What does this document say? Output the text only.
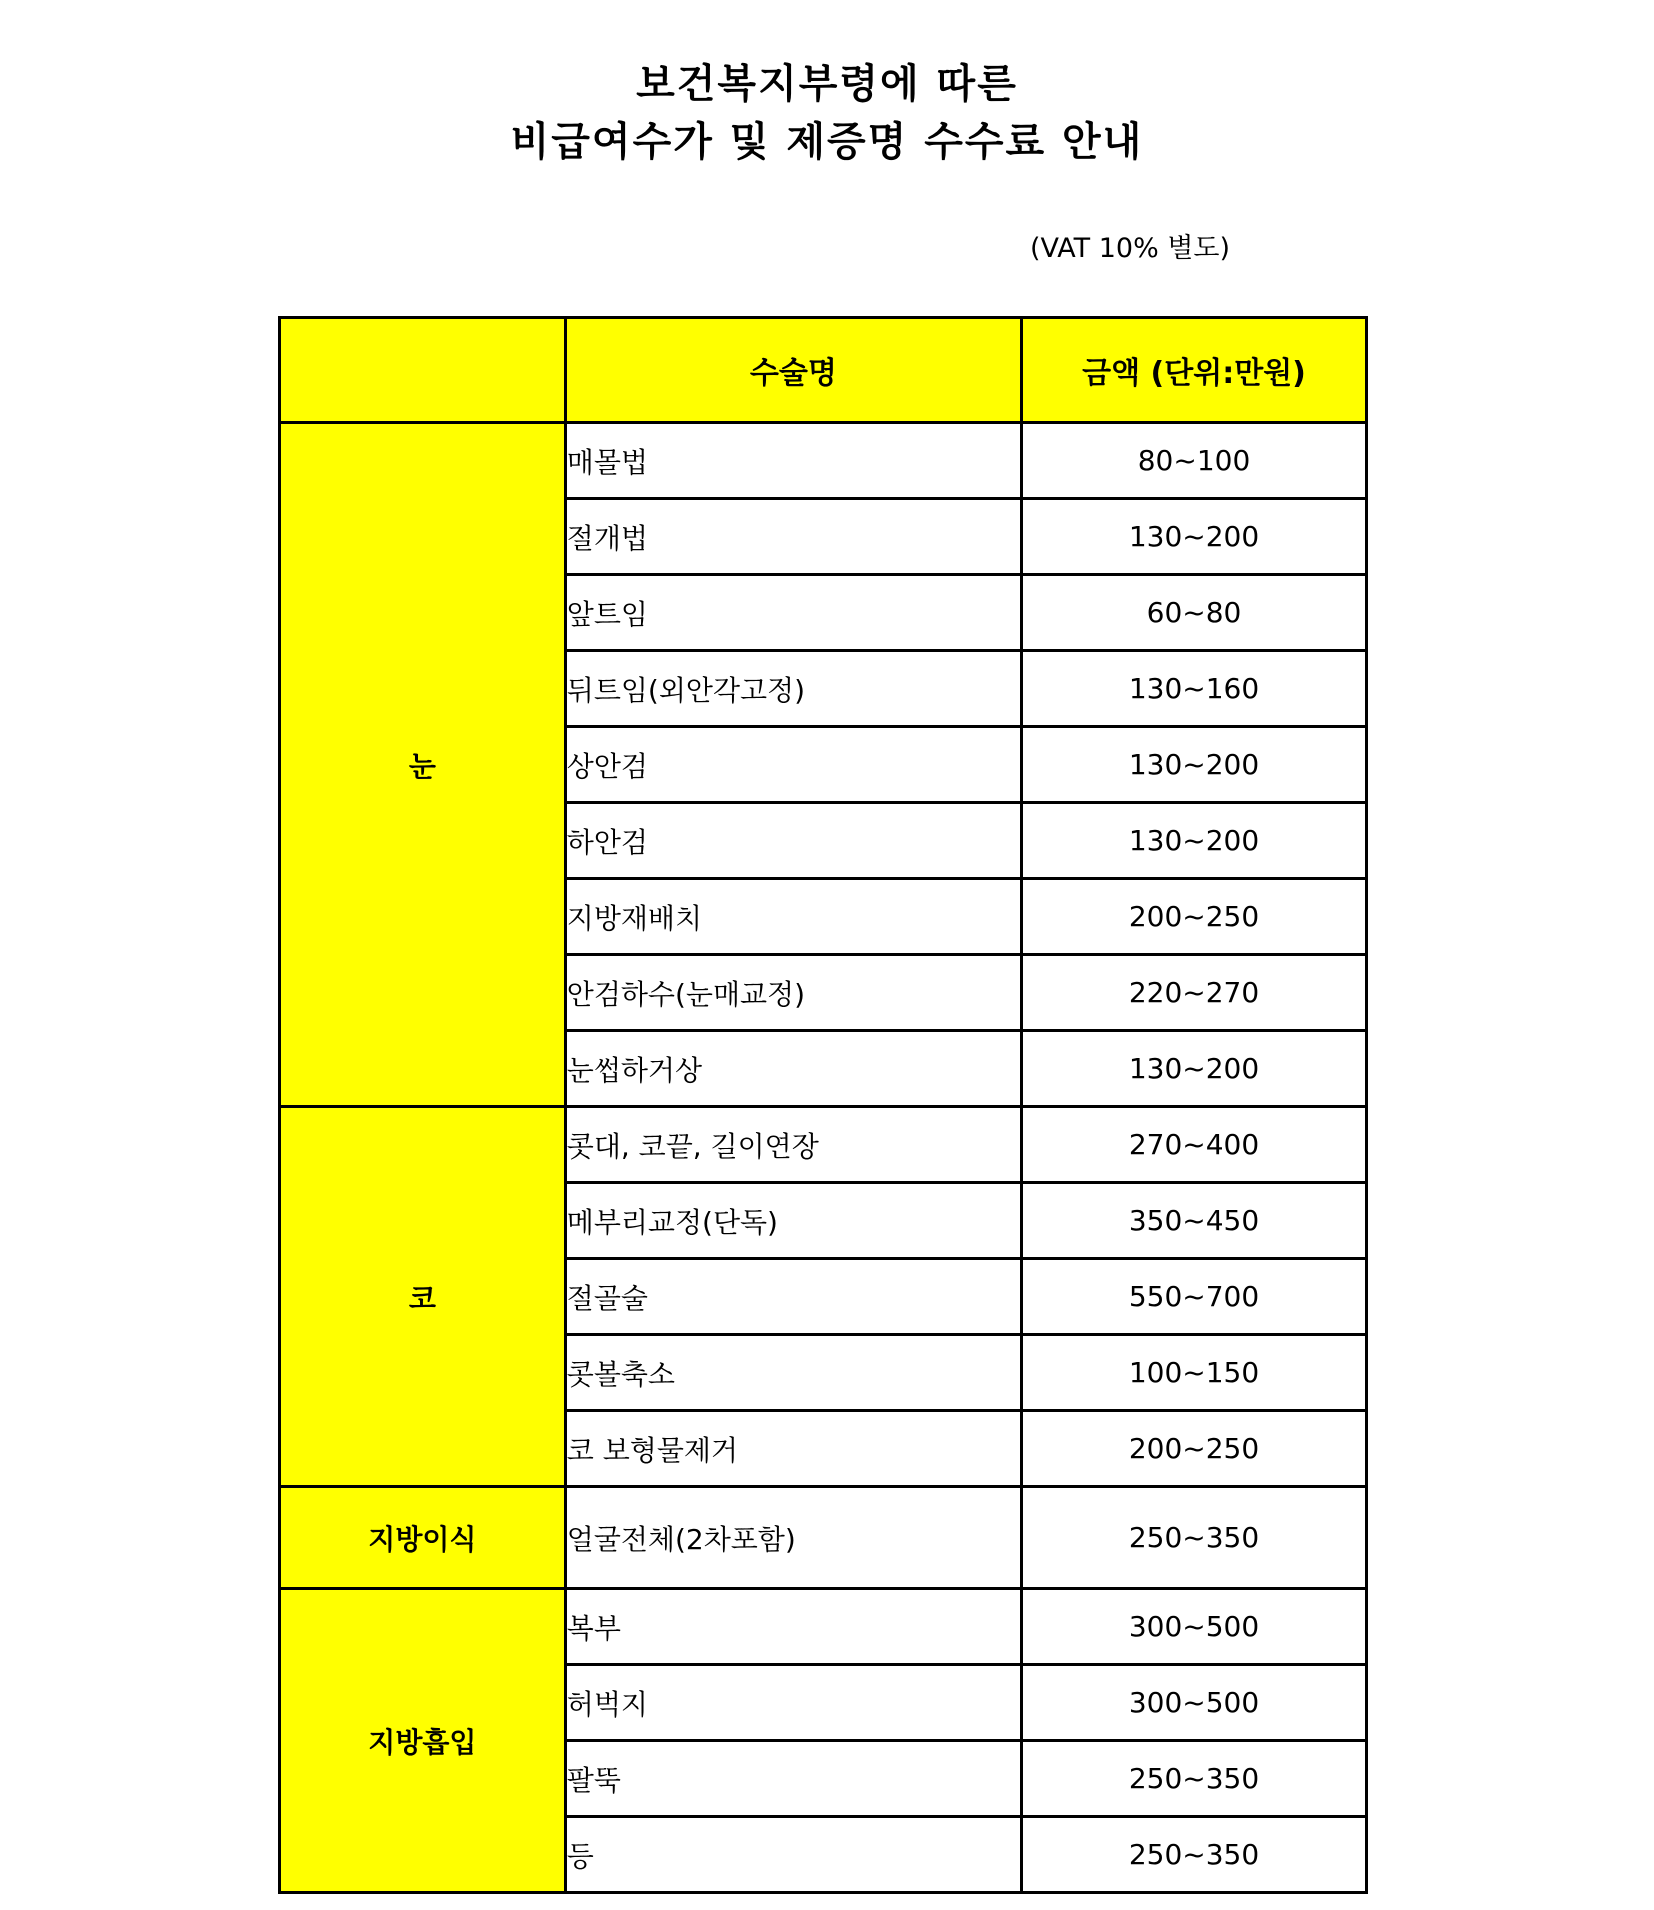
보건복지부령에 따른
비급여수가 및 제증명 수수료 안내
(VAT 10% 별도)
	수술명	금액 (단위:만원)
눈	매몰법	80~100
	절개법	130~200
	앞트임	60~80
	뒤트임(외안각고정)	130~160
	상안검	130~200
	하안검	130~200
	지방재배치	200~250
	안검하수(눈매교정)	220~270
	눈썹하거상	130~200
코	콧대, 코끝, 길이연장	270~400
	메부리교정(단독)	350~450
	절골술	550~700
	콧볼축소	100~150
	코 보형물제거	200~250
지방이식	얼굴전체(2차포함)	250~350
지방흡입	복부	300~500
	허벅지	300~500
	팔뚝	250~350
	등	250~350
